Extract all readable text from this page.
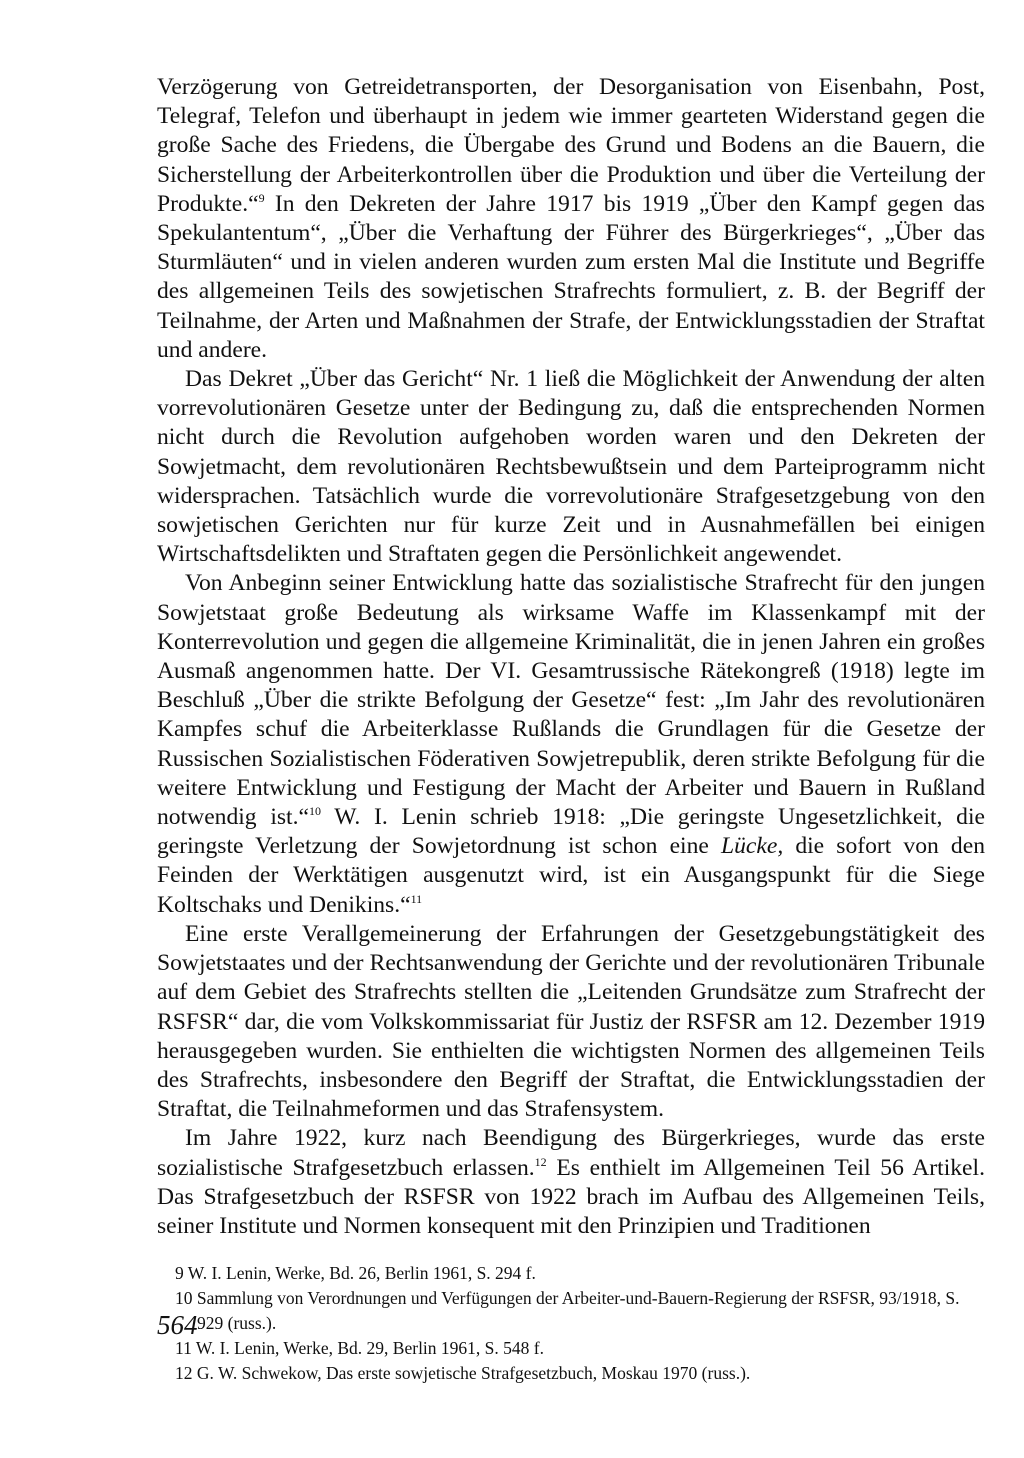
Verzögerung von Getreidetransporten, der Desorganisation von Eisenbahn, Post, Telegraf, Telefon und überhaupt in jedem wie immer gearteten Widerstand gegen die große Sache des Friedens, die Übergabe des Grund und Bodens an die Bauern, die Sicherstellung der Arbeiterkontrollen über die Produktion und über die Verteilung der Produkte.“$^9$ In den Dekreten der Jahre 1917 bis 1919 „Über den Kampf gegen das Spekulantentum“, „Über die Verhaftung der Führer des Bürgerkrieges“, „Über das Sturmläuten“ und in vielen anderen wurden zum ersten Mal die Institute und Begriffe des allgemeinen Teils des sowjetischen Strafrechts formuliert, z. B. der Begriff der Teilnahme, der Arten und Maßnahmen der Strafe, der Entwicklungsstadien der Straftat und andere.

Das Dekret „Über das Gericht“ Nr. 1 ließ die Möglichkeit der Anwendung der alten vorrevolutionären Gesetze unter der Bedingung zu, daß die entsprechenden Normen nicht durch die Revolution aufgehoben worden waren und den Dekreten der Sowjetmacht, dem revolutionären Rechtsbewußtsein und dem Parteiprogramm nicht widersprachen. Tatsächlich wurde die vorrevolutionäre Strafgesetzgebung von den sowjetischen Gerichten nur für kurze Zeit und in Ausnahmefällen bei einigen Wirtschaftsdelikten und Straftaten gegen die Persönlichkeit angewendet.

Von Anbeginn seiner Entwicklung hatte das sozialistische Strafrecht für den jungen Sowjetstaat große Bedeutung als wirksame Waffe im Klassenkampf mit der Konterrevolution und gegen die allgemeine Kriminalität, die in jenen Jahren ein großes Ausmaß angenommen hatte. Der VI. Gesamtrussische Rätekongreß (1918) legte im Beschluß „Über die strikte Befolgung der Gesetze“ fest: „Im Jahr des revolutionären Kampfes schuf die Arbeiterklasse Rußlands die Grundlagen für die Gesetze der Russischen Sozialistischen Föderativen Sowjetrepublik, deren strikte Befolgung für die weitere Entwicklung und Festigung der Macht der Arbeiter und Bauern in Rußland notwendig ist.“$^{10}$ W. I. Lenin schrieb 1918: „Die geringste Ungesetzlichkeit, die geringste Verletzung der Sowjetordnung ist schon eine Lücke, die sofort von den Feinden der Werktätigen ausgenutzt wird, ist ein Ausgangspunkt für die Siege Koltschaks und Denikins.“$^{11}$

Eine erste Verallgemeinerung der Erfahrungen der Gesetzgebungstätigkeit des Sowjetstaates und der Rechtsanwendung der Gerichte und der revolutionären Tribunale auf dem Gebiet des Strafrechts stellten die „Leitenden Grundsätze zum Strafrecht der RSFSR“ dar, die vom Volkskommissariat für Justiz der RSFSR am 12. Dezember 1919 herausgegeben wurden. Sie enthielten die wichtigsten Normen des allgemeinen Teils des Strafrechts, insbesondere den Begriff der Straftat, die Entwicklungsstadien der Straftat, die Teilnahmeformen und das Strafensystem.

Im Jahre 1922, kurz nach Beendigung des Bürgerkrieges, wurde das erste sozialistische Strafgesetzbuch erlassen.$^{12}$ Es enthielt im Allgemeinen Teil 56 Artikel. Das Strafgesetzbuch der RSFSR von 1922 brach im Aufbau des Allgemeinen Teils, seiner Institute und Normen konsequent mit den Prinzipien und Traditionen

9 W. I. Lenin, Werke, Bd. 26, Berlin 1961, S. 294 f.

10 Sammlung von Verordnungen und Verfügungen der Arbeiter-und-Bauern-Regierung der RSFSR, 93/1918, S. 929 (russ.).

11 W. I. Lenin, Werke, Bd. 29, Berlin 1961, S. 548 f.

12 G. W. Schwekow, Das erste sowjetische Strafgesetzbuch, Moskau 1970 (russ.).

564
